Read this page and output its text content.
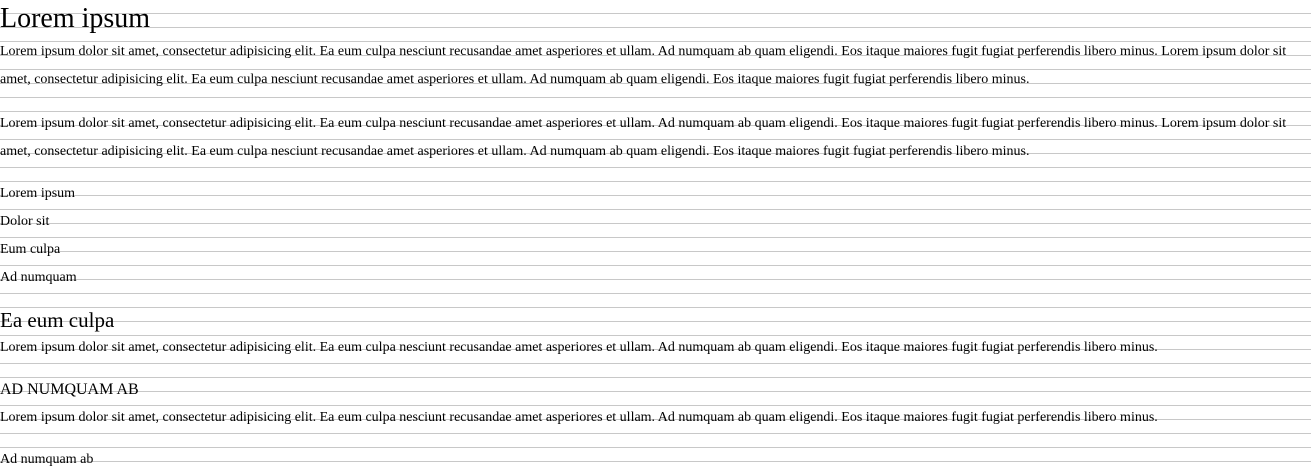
Lorem ipsum

Lorem ipsum dolor sit amet, consectetur adipisicing elit. Ea eum culpa nesciunt recusandae amet asperiores et ullam. Ad numquam ab quam eligendi. Eos itaque maiores fugit fugiat perferendis libero minus. Lorem ipsum dolor sit
amet, consectetur adipisicing elit. Ea eum culpa nesciunt recusandae amet asperiores et ullam. Ad numquam ab quam eligendi. Eos itaque maiores fugit fugiat perferendis libero minus.

Lorem ipsum dolor sit amet, consectetur adipisicing elit. Ea eum culpa nesciunt recusandae amet asperiores et ullam. Ad numquam ab quam eligendi. Eos itaque maiores fugit fugiat perferendis libero minus. Lorem ipsum dolor sit
amet, consectetur adipisicing elit. Ea eum culpa nesciunt recusandae amet asperiores et ullam. Ad numquam ab quam eligendi. Eos itaque maiores fugit fugiat perferendis libero minus.

Lorem ipsum
Dolor sit
Eum culpa
Ad numquam
Ea eum culpa

Lorem ipsum dolor sit amet, consectetur adipisicing elit. Ea eum culpa nesciunt recusandae amet asperiores et ullam. Ad numquam ab quam eligendi. Eos itaque maiores fugit fugiat perferendis libero minus.

AD NUMQUAM AB

Lorem ipsum dolor sit amet, consectetur adipisicing elit. Ea eum culpa nesciunt recusandae amet asperiores et ullam. Ad numquam ab quam eligendi. Eos itaque maiores fugit fugiat perferendis libero minus.

Ad numquam ab
